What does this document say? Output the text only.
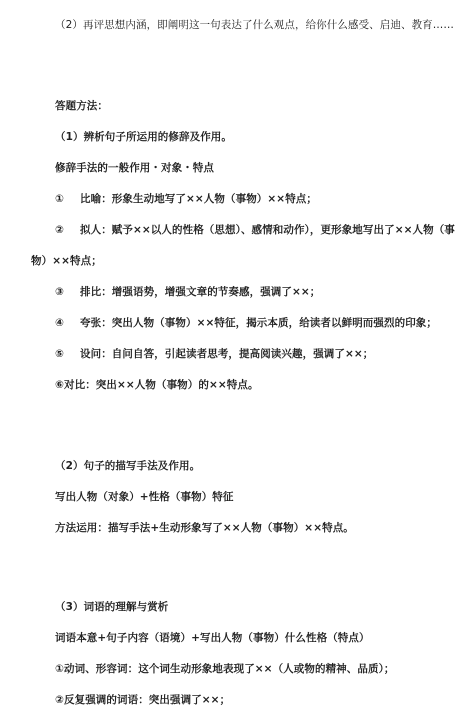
（2）再评思想内涵，即阐明这一句表达了什么观点，给你什么感受、启迪、教育……
答题方法：
（1）辨析句子所运用的修辞及作用。
修辞手法的一般作用・对象・特点
① 比喻：形象生动地写了××人物（事物）××特点；
② 拟人：赋予××以人的性格（思想）、感情和动作），更形象地写出了××人物（事
物）××特点；
③ 排比：增强语势，增强文章的节奏感，强调了××；
④ 夸张：突出人物（事物）××特征，揭示本质，给读者以鲜明而强烈的印象；
⑤ 设问：自问自答，引起读者思考，提高阅读兴趣，强调了××；
⑥对比：突出××人物（事物）的××特点。
（2）句子的描写手法及作用。
写出人物（对象）+性格（事物）特征
方法运用：描写手法+生动形象写了××人物（事物）××特点。
（3）词语的理解与赏析
词语本意+句子内容（语境）+写出人物（事物）什么性格（特点）
①动词、形容词：这个词生动形象地表现了××（人或物的精神、品质）；
②反复强调的词语：突出强调了××；
